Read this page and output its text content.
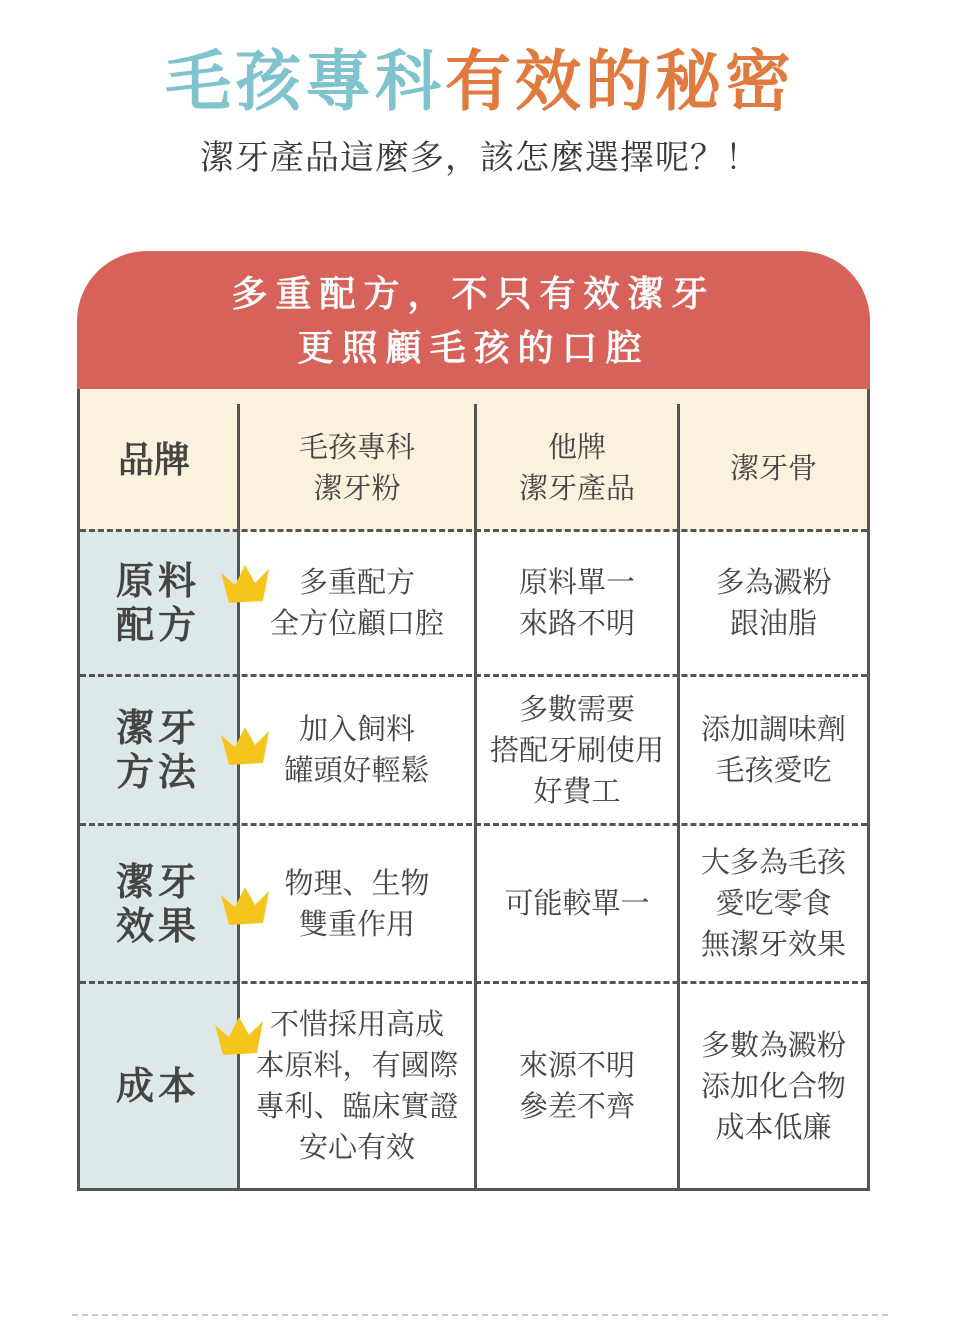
毛孩專科有效的秘密
潔牙產品這麼多，該怎麼選擇呢？！
多重配方，不只有效潔牙
更照顧毛孩的口腔
品牌	毛孩專科
潔牙粉
他牌
潔牙產品
潔牙骨
原料
配方
多重配方
全方位顧口腔
原料單一
來路不明
多為澱粉
跟油脂
潔牙
方法
加入飼料
罐頭好輕鬆
多數需要
搭配牙刷使用
好費工
添加調味劑
毛孩愛吃
潔牙
效果
物理、生物
雙重作用
可能較單一
大多為毛孩
愛吃零食
無潔牙效果
成本
不惜採用高成
本原料，有國際
專利、臨床實證
安心有效
來源不明
參差不齊
多數為澱粉
添加化合物
成本低廉
